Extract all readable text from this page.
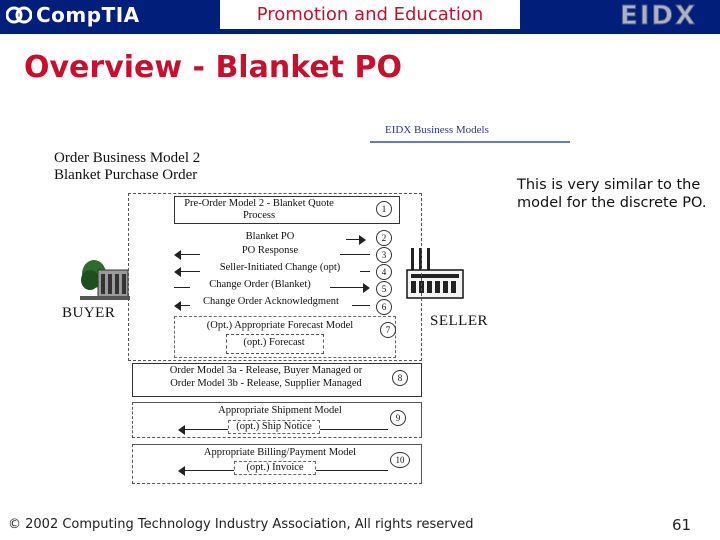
CompTIA	Promotion and Education	EIDX
Overview - Blanket PO
EIDX Business Models
Order Business Model 2
Blanket Purchase Order
BUYER	SELLER
Pre-Order Model 2 - Blanket Quote Process
1
Blanket PO	2
PO Response	3
Seller-Initiated Change (opt)	4
Change Order (Blanket)	5
Change Order Acknowledgment	6
(Opt.) Appropriate Forecast Model
(opt.) Forecast
7
Order Model 3a - Release, Buyer Managed or
Order Model 3b - Release, Supplier Managed	8
Appropriate Shipment Model
(opt.) Ship Notice
9
Appropriate Billing/Payment Model
(opt.) Invoice
10
This is very similar to the model for the discrete PO.
© 2002 Computing Technology Industry Association, All rights reserved	61
